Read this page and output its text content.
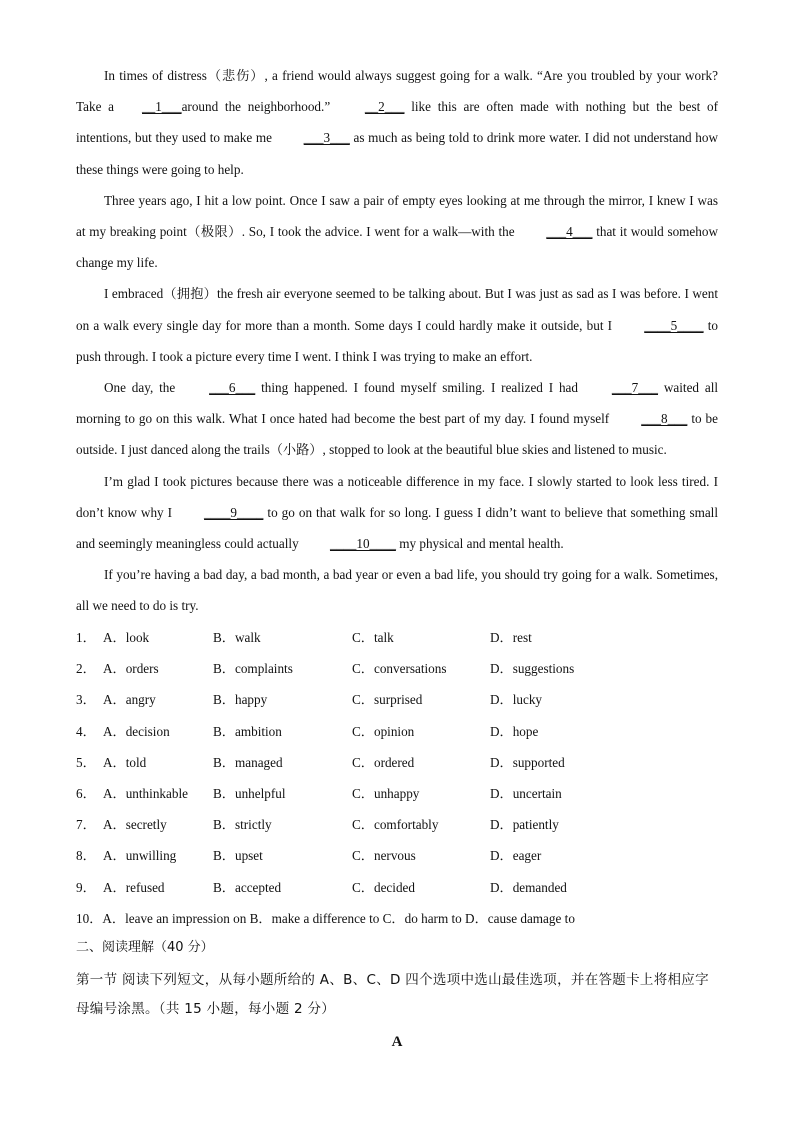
In times of distress（悲伤）, a friend would always suggest going for a walk. “Are you troubled by your work? Take a __1___around the neighborhood.”	__2___ like this are often made with nothing but the best of intentions, but they used to make me ___3___ as much as being told to drink more water. I did not understand how these things were going to help.

Three years ago, I hit a low point. Once I saw a pair of empty eyes looking at me through the mirror, I knew I was at my breaking point（极限）. So, I took the advice. I went for a walk—with the ___4___ that it would somehow change my life.

I embraced（拥抱）the fresh air everyone seemed to be talking about. But I was just as sad as I was before. I went on a walk every single day for more than a month. Some days I could hardly make it outside, but I ____5____ to push through. I took a picture every time I went. I think I was trying to make an effort.

One day, the	___6___ thing happened. I found myself smiling. I realized I had	___7___ waited all morning to go on this walk. What I once hated had become the best part of my day. I found myself ___8___ to be outside. I just danced along the trails（小路）, stopped to look at the beautiful blue skies and listened to music.

I’m glad I took pictures because there was a noticeable difference in my face. I slowly started to look less tired. I don’t know why I ____9____ to go on that walk for so long. I guess I didn’t want to believe that something small and seemingly meaningless could actually ____10____ my physical and mental health.

If you’re having a bad day, a bad month, a bad year or even a bad life, you should try going for a walk. Sometimes, all we need to do is try.

1． A．look	B．walk	C．talk	D．rest
2． A．orders	B．complaints	C．conversations	D．suggestions
3． A．angry	B．happy	C．surprised	D．lucky
4． A．decision	B．ambition	C．opinion	D．hope
5． A．told	B．managed	C．ordered	D．supported
6． A．unthinkable	B．unhelpful	C．unhappy	D．uncertain
7． A．secretly	B．strictly	C．comfortably	D．patiently
8． A．unwilling	B．upset	C．nervous	D．eager
9． A．refused	B．accepted	C．decided	D．demanded
10．A．leave an impression on B．make a difference to C．do harm to D．cause damage to
二、阅读理解（40 分）
第一节 阅读下列短文，从每小题所给的 A、B、C、D 四个选项中选山最佳选项，并在答题卡上将相应字母编号涂黑。（共 15 小题，每小题 2 分）
A
